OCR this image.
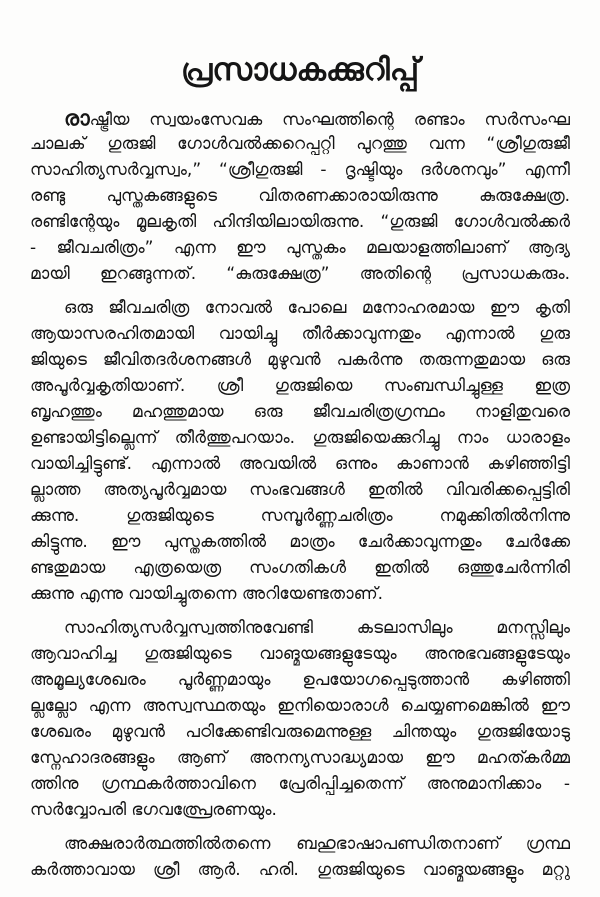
പ്രസാധകക്കുറിപ്പ്
രാഷ്ട്രീയ സ്വയംസേവക സംഘത്തിന്റെ രണ്ടാം സർസംഘ
ചാലക് ഗുരുജി ഗോൾവൽക്കറെപ്പറ്റി പുറത്തു വന്ന “ശ്രീഗുരുജീ
സാഹിത്യസർവ്വസ്വം,” “ശ്രീഗുരുജി - ദൃഷ്ടിയും ദർശനവും” എന്നീ
രണ്ടു പുസ്തകങ്ങളുടെ വിതരണക്കാരായിരുന്നു കുരുക്ഷേത്ര.
രണ്ടിന്റേയും മൂലകൃതി ഹിന്ദിയിലായിരുന്നു. “ഗുരുജി ഗോൾവൽക്കർ
- ജീവചരിത്രം” എന്ന ഈ പുസ്തകം മലയാളത്തിലാണ് ആദ്യ
മായി ഇറങ്ങുന്നത്. “കുരുക്ഷേത്ര” അതിന്റെ പ്രസാധകരും.
ഒരു ജീവചരിത്ര നോവൽ പോലെ മനോഹരമായ ഈ കൃതി
ആയാസരഹിതമായി വായിച്ചു തീർക്കാവുന്നതും എന്നാൽ ഗുരു
ജിയുടെ ജീവിതദർശനങ്ങൾ മുഴുവൻ പകർന്നു തരുന്നതുമായ ഒരു
അപൂർവ്വകൃതിയാണ്. ശ്രീ ഗുരുജിയെ സംബന്ധിച്ചുള്ള ഇത്ര
ബൃഹത്തും മഹത്തുമായ ഒരു ജീവചരിത്രഗ്രന്ഥം നാളിതുവരെ
ഉണ്ടായിട്ടില്ലെന്ന് തീർത്തുപറയാം. ഗുരുജിയെക്കുറിച്ചു നാം ധാരാളം
വായിച്ചിട്ടുണ്ട്. എന്നാൽ അവയിൽ ഒന്നും കാണാൻ കഴിഞ്ഞിട്ടി
ല്ലാത്ത അത്യപൂർവ്വമായ സംഭവങ്ങൾ ഇതിൽ വിവരിക്കപ്പെട്ടിരി
ക്കുന്നു. ഗുരുജിയുടെ സമ്പൂർണ്ണചരിത്രം നമുക്കിതിൽനിന്നു
കിട്ടുന്നു. ഈ പുസ്തകത്തിൽ മാത്രം ചേർക്കാവുന്നതും ചേർക്കേ
ണ്ടതുമായ എത്രയെത്ര സംഗതികൾ ഇതിൽ ഒത്തുചേർന്നിരി
ക്കുന്നു എന്നു വായിച്ചുതന്നെ അറിയേണ്ടതാണ്.
സാഹിത്യസർവ്വസ്വത്തിനുവേണ്ടി കടലാസിലും മനസ്സിലും
ആവാഹിച്ച ഗുരുജിയുടെ വാങ്മയങ്ങളുടേയും അനുഭവങ്ങളുടേയും
അമൂല്യശേഖരം പൂർണ്ണമായും ഉപയോഗപ്പെടുത്താൻ കഴിഞ്ഞി
ല്ലല്ലോ എന്ന അസ്വസ്ഥതയും ഇനിയൊരാൾ ചെയ്യണമെങ്കിൽ ഈ
ശേഖരം മുഴുവൻ പഠിക്കേണ്ടിവരുമെന്നുള്ള ചിന്തയും ഗുരുജിയോടു
സ്നേഹാദരങ്ങളും ആണ് അനന്യസാദ്ധ്യമായ ഈ മഹത്കർമ്മ
ത്തിനു ഗ്രന്ഥകർത്താവിനെ പ്രേരിപ്പിച്ചതെന്ന് അനുമാനിക്കാം -
സർവ്വോപരി ഭഗവത്പ്രേരണയും.
അക്ഷരാർത്ഥത്തിൽതന്നെ ബഹുഭാഷാപണ്ഡിതനാണ് ഗ്രന്ഥ
കർത്താവായ ശ്രീ ആർ. ഹരി. ഗുരുജിയുടെ വാങ്മയങ്ങളും മറ്റു
